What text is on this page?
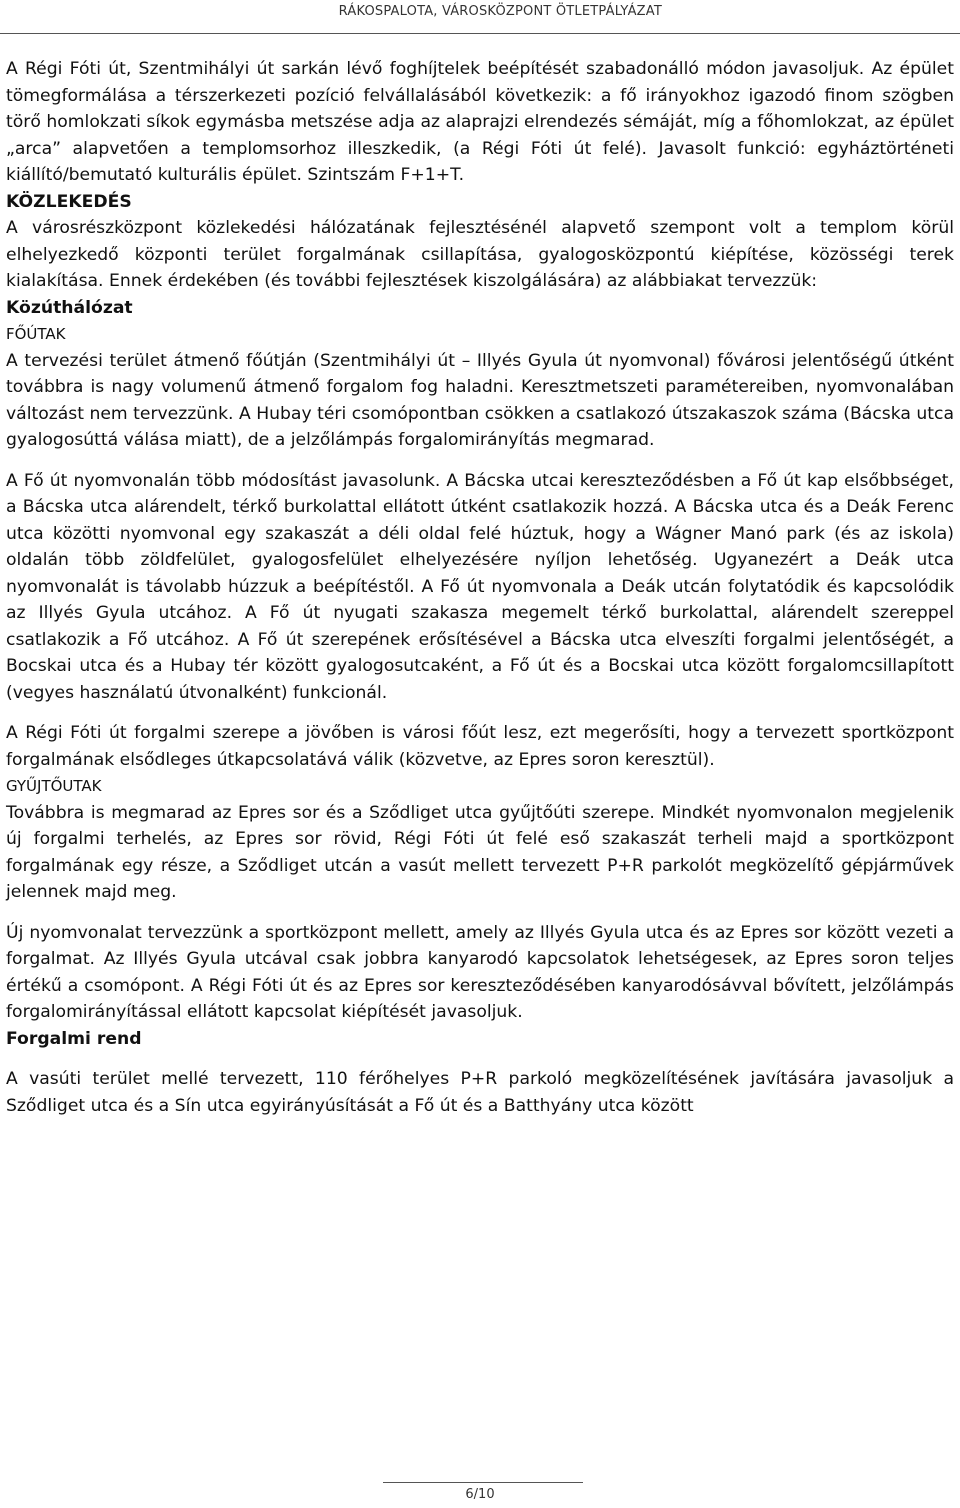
RÁKOSPALOTA, VÁROSKÖZPONT ÖTLETPÁLYÁZAT

A Régi Fóti út, Szentmihályi út sarkán lévő foghíjtelek beépítését szabadonálló módon javasoljuk. Az épület tömegformálása a térszerkezeti pozíció felvállalásából következik: a fő irányokhoz igazodó finom szögben törő homlokzati síkok egymásba metszése adja az alaprajzi elrendezés sémáját, míg a főhomlokzat, az épület „arca” alapvetően a templomsorhoz illeszkedik, (a Régi Fóti út felé). Javasolt funkció: egyháztörténeti kiállító/bemutató kulturális épület. Szintszám F+1+T.

KÖZLEKEDÉS

A városrészközpont közlekedési hálózatának fejlesztésénél alapvető szempont volt a templom körül elhelyezkedő központi terület forgalmának csillapítása, gyalogosközpontú kiépítése, közösségi terek kialakítása. Ennek érdekében (és további fejlesztések kiszolgálására) az alábbiakat tervezzük:

Közúthálózat

FŐÚTAK

A tervezési terület átmenő főútján (Szentmihályi út – Illyés Gyula út nyomvonal) fővárosi jelentőségű útként továbbra is nagy volumenű átmenő forgalom fog haladni. Keresztmetszeti paramétereiben, nyomvonalában változást nem tervezzünk. A Hubay téri csomópontban csökken a csatlakozó útszakaszok száma (Bácska utca gyalogosúttá válása miatt), de a jelzőlámpás forgalomirányítás megmarad.

A Fő út nyomvonalán több módosítást javasolunk. A Bácska utcai kereszteződésben a Fő út kap elsőbbséget, a Bácska utca alárendelt, térkő burkolattal ellátott útként csatlakozik hozzá. A Bácska utca és a Deák Ferenc utca közötti nyomvonal egy szakaszát a déli oldal felé húztuk, hogy a Wágner Manó park (és az iskola) oldalán több zöldfelület, gyalogosfelület elhelyezésére nyíljon lehetőség. Ugyanezért a Deák utca nyomvonalát is távolabb húzzuk a beépítéstől. A Fő út nyomvonala a Deák utcán folytatódik és kapcsolódik az Illyés Gyula utcához. A Fő út nyugati szakasza megemelt térkő burkolattal, alárendelt szereppel csatlakozik a Fő utcához. A Fő út szerepének erősítésével a Bácska utca elveszíti forgalmi jelentőségét, a Bocskai utca és a Hubay tér között gyalogosutcaként, a Fő út és a Bocskai utca között forgalomcsillapított (vegyes használatú útvonalként) funkcionál.

A Régi Fóti út forgalmi szerepe a jövőben is városi főút lesz, ezt megerősíti, hogy a tervezett sportközpont forgalmának elsődleges útkapcsolatává válik (közvetve, az Epres soron keresztül).

GYŰJTŐUTAK

Továbbra is megmarad az Epres sor és a Sződliget utca gyűjtőúti szerepe. Mindkét nyomvonalon megjelenik új forgalmi terhelés, az Epres sor rövid, Régi Fóti út felé eső szakaszát terheli majd a sportközpont forgalmának egy része, a Sződliget utcán a vasút mellett tervezett P+R parkolót megközelítő gépjárművek jelennek majd meg.

Új nyomvonalat tervezzünk a sportközpont mellett, amely az Illyés Gyula utca és az Epres sor között vezeti a forgalmat. Az Illyés Gyula utcával csak jobbra kanyarodó kapcsolatok lehetségesek, az Epres soron teljes értékű a csomópont. A Régi Fóti út és az Epres sor kereszteződésében kanyarodósávval bővített, jelzőlámpás forgalomirányítással ellátott kapcsolat kiépítését javasoljuk.

Forgalmi rend

A vasúti terület mellé tervezett, 110 férőhelyes P+R parkoló megközelítésének javítására javasoljuk a Sződliget utca és a Sín utca egyirányúsítását a Fő út és a Batthyány utca között

6/10
